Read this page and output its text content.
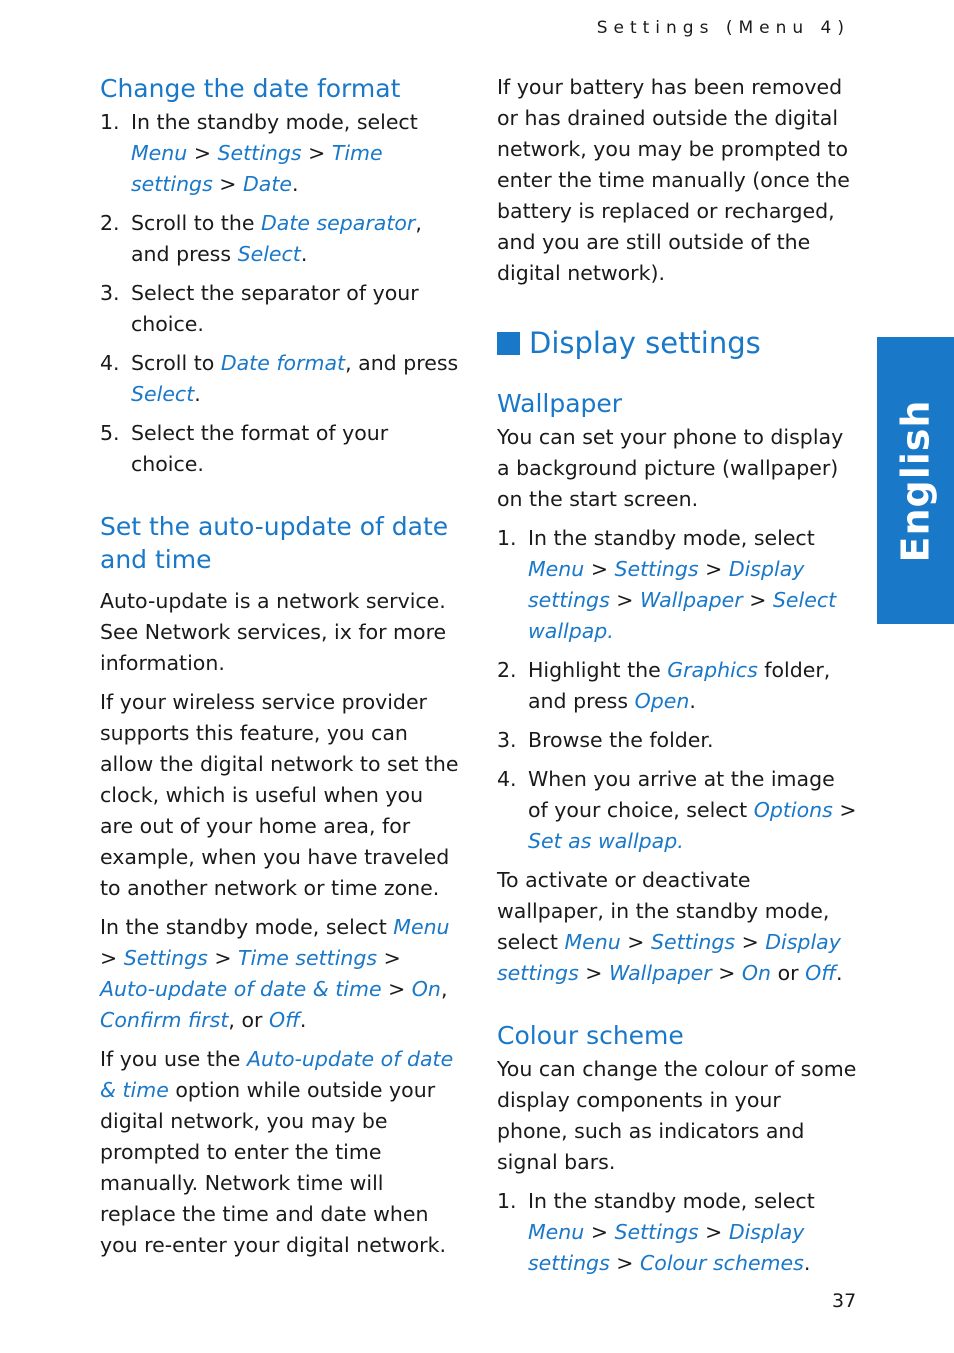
Settings (Menu 4)
Change the date format
1. In the standby mode, select Menu > Settings > Time settings > Date.
2. Scroll to the Date separator, and press Select.
3. Select the separator of your choice.
4. Scroll to Date format, and press Select.
5. Select the format of your choice.
Set the auto-update of date
and time

Auto-update is a network service. See Network services, ix for more information.

If your wireless service provider supports this feature, you can allow the digital network to set the clock, which is useful when you are out of your home area, for example, when you have traveled to another network or time zone.

In the standby mode, select Menu > Settings > Time settings > Auto-update of date & time > On, Confirm first, or Off.

If you use the Auto-update of date & time option while outside your digital network, you may be prompted to enter the time manually. Network time will replace the time and date when you re-enter your digital network.

If your battery has been removed or has drained outside the digital network, you may be prompted to enter the time manually (once the battery is replaced or recharged, and you are still outside of the digital network).

Display settings
Wallpaper

You can set your phone to display a background picture (wallpaper) on the start screen.

1. In the standby mode, select Menu > Settings > Display settings > Wallpaper > Select wallpap.
2. Highlight the Graphics folder, and press Open.
3. Browse the folder.
4. When you arrive at the image of your choice, select Options > Set as wallpap.

To activate or deactivate wallpaper, in the standby mode, select Menu > Settings > Display settings > Wallpaper > On or Off.

Colour scheme

You can change the colour of some display components in your phone, such as indicators and signal bars.

1. In the standby mode, select Menu > Settings > Display settings > Colour schemes.
English
37
